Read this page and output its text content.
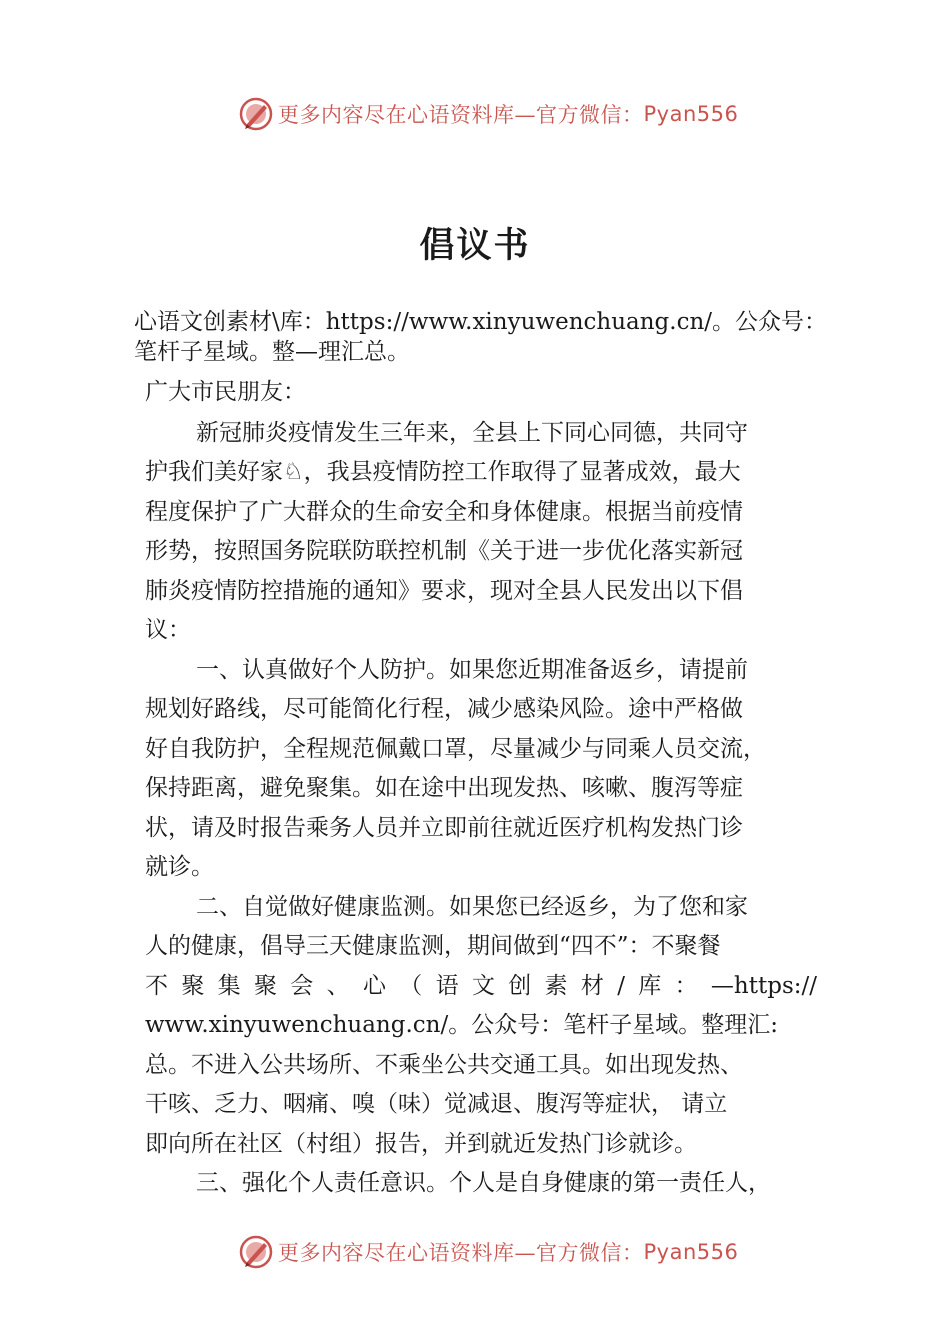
更多内容尽在心语资料库—官方微信： Pyan556
倡议书
心语文创素材\库：https://www.xinyuwenchuang.cn/。公众号：
笔杆子星域。整—理汇总。
广大市民朋友：
新冠肺炎疫情发生三年来，全县上下同心同德，共同守
护我们美好家♘，我县疫情防控工作取得了显著成效，最大
程度保护了广大群众的生命安全和身体健康。根据当前疫情
形势，按照国务院联防联控机制《关于进一步优化落实新冠
肺炎疫情防控措施的通知》要求，现对全县人民发出以下倡
议：
一、认真做好个人防护。如果您近期准备返乡，请提前
规划好路线，尽可能简化行程，减少感染风险。途中严格做
好自我防护，全程规范佩戴口罩，尽量减少与同乘人员交流，
保持距离，避免聚集。如在途中出现发热、咳嗽、腹泻等症
状，请及时报告乘务人员并立即前往就近医疗机构发热门诊
就诊。
二、自觉做好健康监测。如果您已经返乡，为了您和家
人的健康，倡导三天健康监测，期间做到“四不”：不聚餐
不聚集聚会、心（语文创素材/库：—https://
www.xinyuwenchuang.cn/。公众号：笔杆子星域。整理汇:
总。不进入公共场所、不乘坐公共交通工具。如出现发热、
干咳、乏力、咽痛、嗅（味）觉减退、腹泻等症状， 请立
即向所在社区（村组）报告，并到就近发热门诊就诊。
三、强化个人责任意识。个人是自身健康的第一责任人，
更多内容尽在心语资料库—官方微信： Pyan556
